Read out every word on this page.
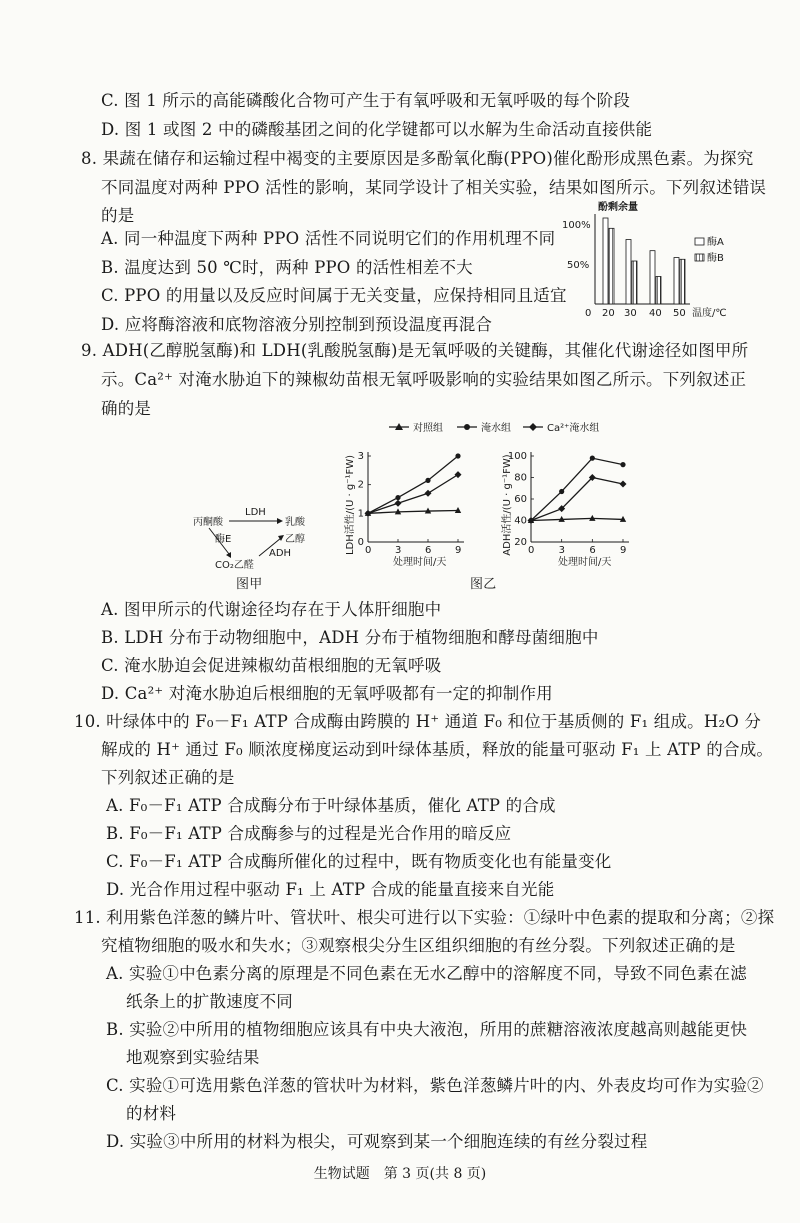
C. 图 1 所示的高能磷酸化合物可产生于有氧呼吸和无氧呼吸的每个阶段
D. 图 1 或图 2 中的磷酸基团之间的化学键都可以水解为生命活动直接供能
8. 果蔬在储存和运输过程中褐变的主要原因是多酚氧化酶(PPO)催化酚形成黑色素。为探究
不同温度对两种 PPO 活性的影响，某同学设计了相关实验，结果如图所示。下列叙述错误
的是
A. 同一种温度下两种 PPO 活性不同说明它们的作用机理不同
B. 温度达到 50 ℃时，两种 PPO 的活性相差不大
C. PPO 的用量以及反应时间属于无关变量，应保持相同且适宜
D. 应将酶溶液和底物溶液分别控制到预设温度再混合
酚剩余量
100%
50%
0 20 30 40 50 温度/℃
酶A
酶B
9. ADH(乙醇脱氢酶)和 LDH(乳酸脱氢酶)是无氧呼吸的关键酶，其催化代谢途径如图甲所
示。Ca²⁺ 对淹水胁迫下的辣椒幼苗根无氧呼吸影响的实验结果如图乙所示。下列叙述正
确的是
丙酮酸
LDH
乳酸
酶E
CO₂乙醛
乙醇
ADH
图甲
对照组	淹水组	Ca²⁺淹水组
LDH活性/(U · g⁻¹FW) 0 3 6 9
0
1
2
3
处理时间/天
ADH活性/(U · g⁻¹FW) 0 3 6 9
20
40
60
80
100
处理时间/天
图乙
A. 图甲所示的代谢途径均存在于人体肝细胞中
B. LDH 分布于动物细胞中，ADH 分布于植物细胞和酵母菌细胞中
C. 淹水胁迫会促进辣椒幼苗根细胞的无氧呼吸
D. Ca²⁺ 对淹水胁迫后根细胞的无氧呼吸都有一定的抑制作用
10. 叶绿体中的 F₀－F₁ ATP 合成酶由跨膜的 H⁺ 通道 F₀ 和位于基质侧的 F₁ 组成。H₂O 分
解成的 H⁺ 通过 F₀ 顺浓度梯度运动到叶绿体基质，释放的能量可驱动 F₁ 上 ATP 的合成。
下列叙述正确的是
A. F₀－F₁ ATP 合成酶分布于叶绿体基质，催化 ATP 的合成
B. F₀－F₁ ATP 合成酶参与的过程是光合作用的暗反应
C. F₀－F₁ ATP 合成酶所催化的过程中，既有物质变化也有能量变化
D. 光合作用过程中驱动 F₁ 上 ATP 合成的能量直接来自光能
11. 利用紫色洋葱的鳞片叶、管状叶、根尖可进行以下实验：①绿叶中色素的提取和分离；②探
究植物细胞的吸水和失水；③观察根尖分生区组织细胞的有丝分裂。下列叙述正确的是
A. 实验①中色素分离的原理是不同色素在无水乙醇中的溶解度不同，导致不同色素在滤
纸条上的扩散速度不同
B. 实验②中所用的植物细胞应该具有中央大液泡，所用的蔗糖溶液浓度越高则越能更快
地观察到实验结果
C. 实验①可选用紫色洋葱的管状叶为材料，紫色洋葱鳞片叶的内、外表皮均可作为实验②
的材料
D. 实验③中所用的材料为根尖，可观察到某一个细胞连续的有丝分裂过程
生物试题　第 3 页(共 8 页)
